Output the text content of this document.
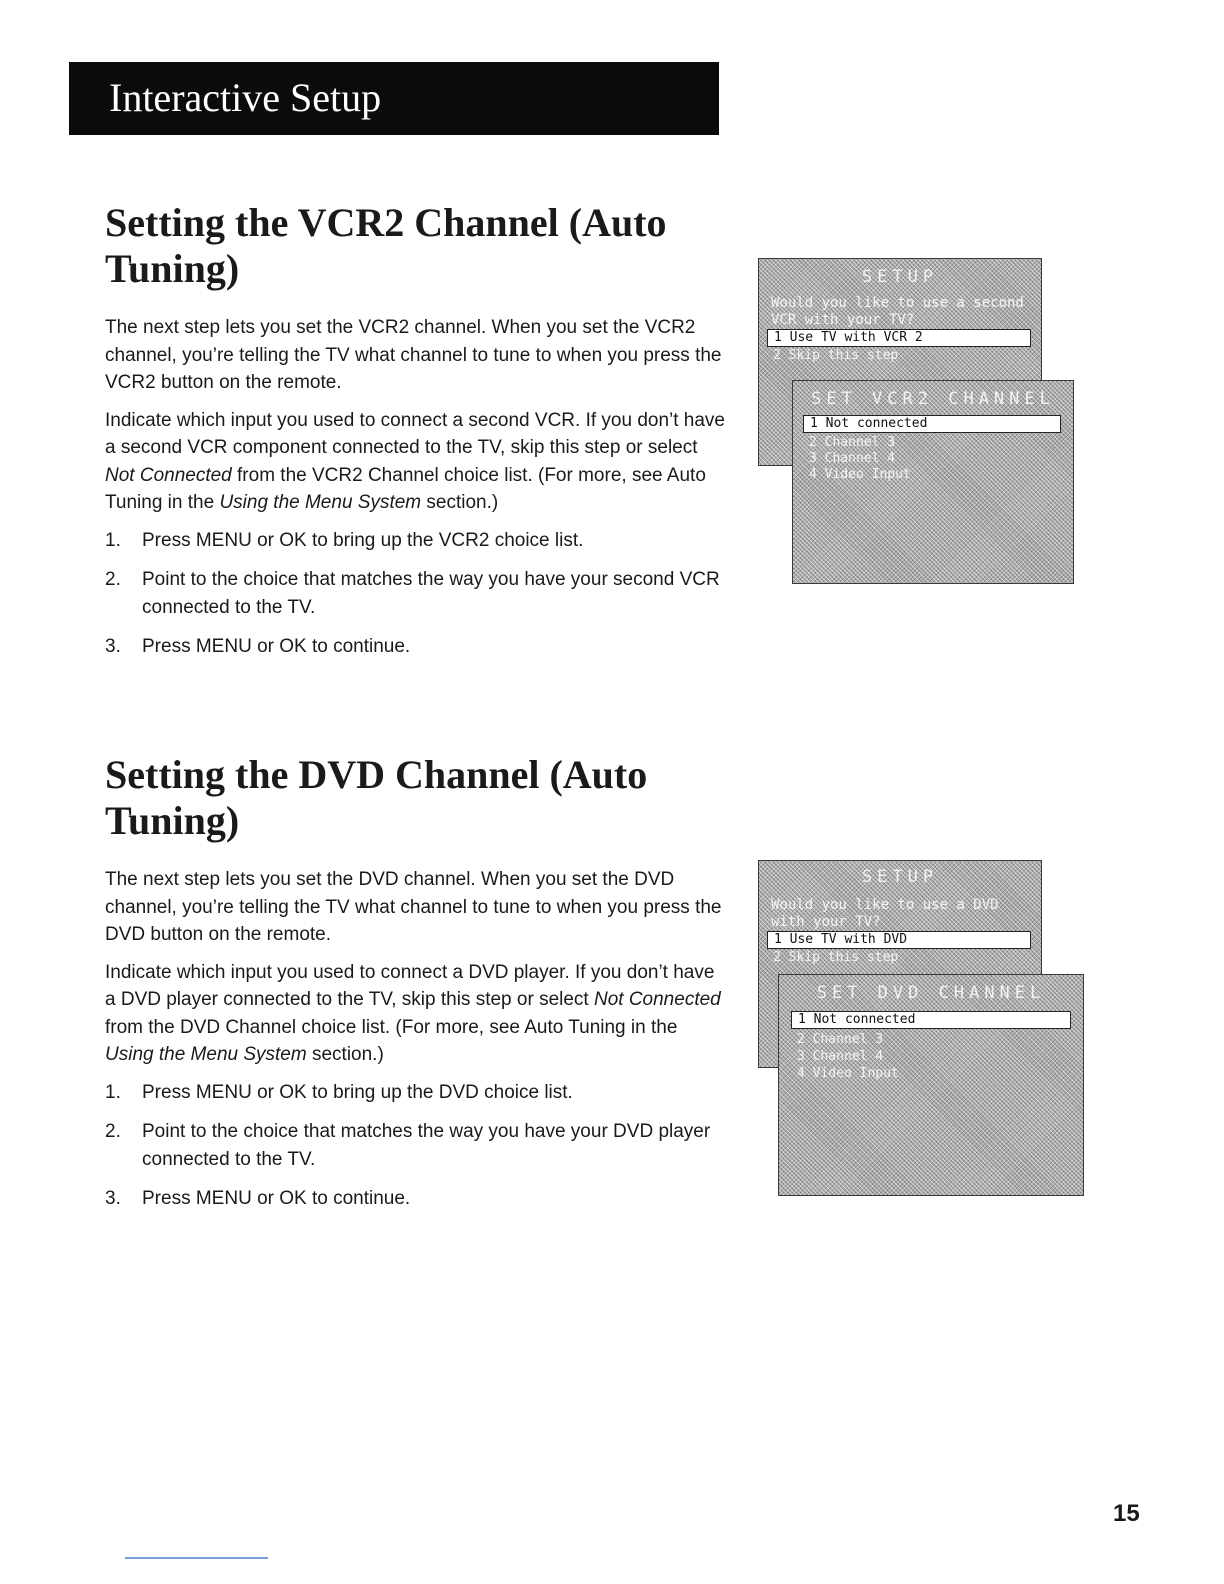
Interactive Setup
Setting the VCR2 Channel (Auto Tuning)

The next step lets you set the VCR2 channel. When you set the VCR2 channel, you’re telling the TV what channel to tune to when you press the VCR2 button on the remote.

Indicate which input you used to connect a second VCR. If you don’t have a second VCR component connected to the TV, skip this step or select Not Connected from the VCR2 Channel choice list. (For more, see Auto Tuning in the Using the Menu System section.)

1. Press MENU or OK to bring up the VCR2 choice list.
2. Point to the choice that matches the way you have your second VCR connected to the TV.
3. Press MENU or OK to continue.
SETUP
Would you like to use a second VCR with your TV?
1 Use TV with VCR 2
2 Skip this step
SET VCR2 CHANNEL
1 Not connected
2 Channel 3
3 Channel 4
4 Video Input
Setting the DVD Channel (Auto Tuning)

The next step lets you set the DVD channel. When you set the DVD channel, you’re telling the TV what channel to tune to when you press the DVD button on the remote.

Indicate which input you used to connect a DVD player. If you don’t have a DVD player connected to the TV, skip this step or select Not Connected from the DVD Channel choice list. (For more, see Auto Tuning in the Using the Menu System section.)

1. Press MENU or OK to bring up the DVD choice list.
2. Point to the choice that matches the way you have your DVD player connected to the TV.
3. Press MENU or OK to continue.
SETUP
Would you like to use a DVD with your TV?
1 Use TV with DVD
2 Skip this step
SET DVD CHANNEL
1 Not connected
2 Channel 3
3 Channel 4
4 Video Input
15
